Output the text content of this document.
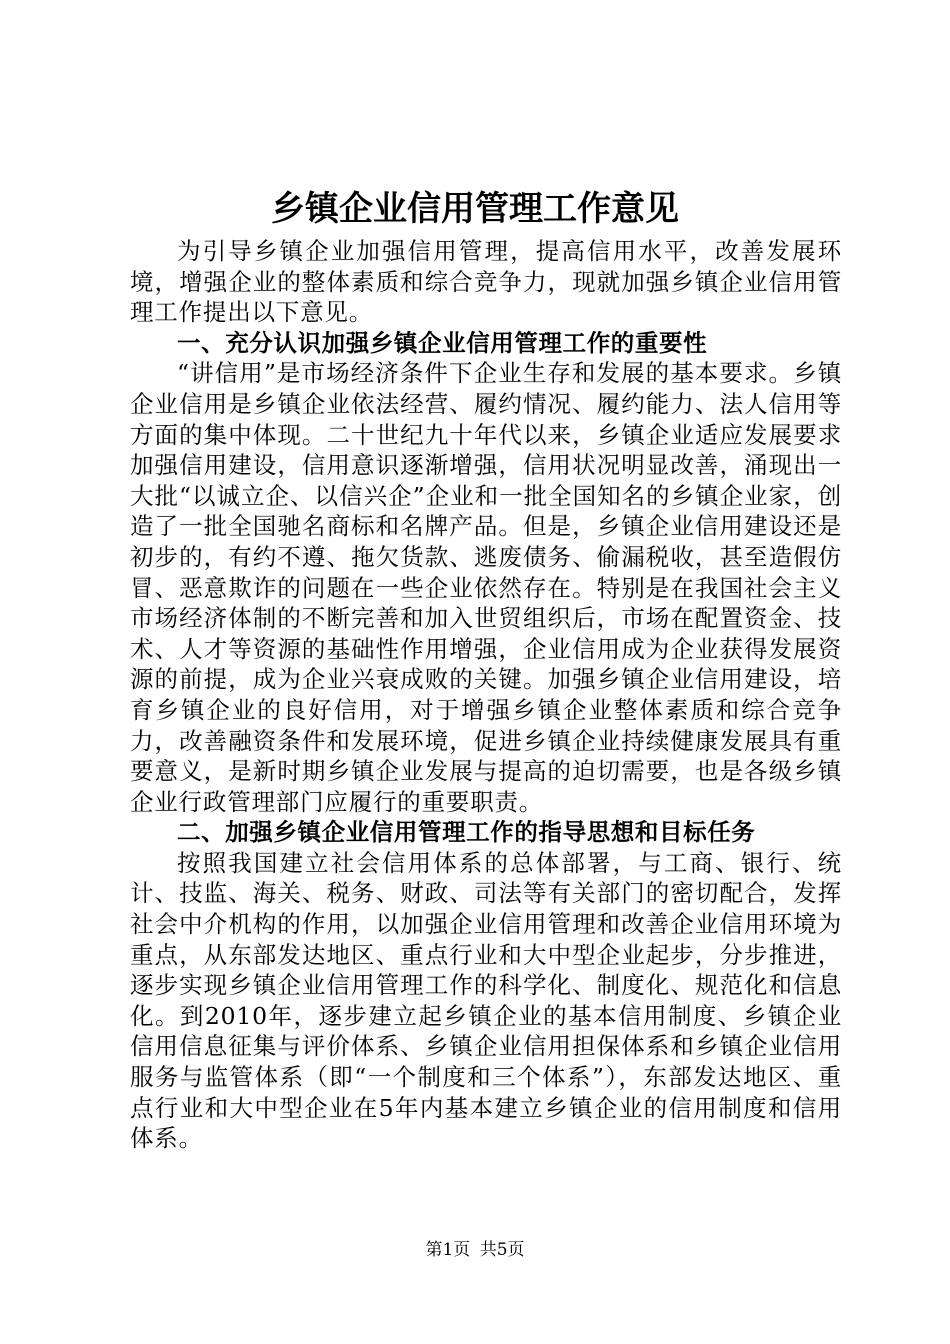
乡镇企业信用管理工作意见

为引导乡镇企业加强信用管理，提高信用水平，改善发展环境，增强企业的整体素质和综合竞争力，现就加强乡镇企业信用管理工作提出以下意见。

一、充分认识加强乡镇企业信用管理工作的重要性

“讲信用”是市场经济条件下企业生存和发展的基本要求。乡镇企业信用是乡镇企业依法经营、履约情况、履约能力、法人信用等方面的集中体现。二十世纪九十年代以来，乡镇企业适应发展要求加强信用建设，信用意识逐渐增强，信用状况明显改善，涌现出一大批“以诚立企、以信兴企”企业和一批全国知名的乡镇企业家，创造了一批全国驰名商标和名牌产品。但是，乡镇企业信用建设还是初步的，有约不遵、拖欠货款、逃废债务、偷漏税收，甚至造假仿冒、恶意欺诈的问题在一些企业依然存在。特别是在我国社会主义市场经济体制的不断完善和加入世贸组织后，市场在配置资金、技术、人才等资源的基础性作用增强，企业信用成为企业获得发展资源的前提，成为企业兴衰成败的关键。加强乡镇企业信用建设，培育乡镇企业的良好信用，对于增强乡镇企业整体素质和综合竞争力，改善融资条件和发展环境，促进乡镇企业持续健康发展具有重要意义，是新时期乡镇企业发展与提高的迫切需要，也是各级乡镇企业行政管理部门应履行的重要职责。

二、加强乡镇企业信用管理工作的指导思想和目标任务

按照我国建立社会信用体系的总体部署，与工商、银行、统计、技监、海关、税务、财政、司法等有关部门的密切配合，发挥社会中介机构的作用，以加强企业信用管理和改善企业信用环境为重点，从东部发达地区、重点行业和大中型企业起步，分步推进，逐步实现乡镇企业信用管理工作的科学化、制度化、规范化和信息化。到2010年，逐步建立起乡镇企业的基本信用制度、乡镇企业信用信息征集与评价体系、乡镇企业信用担保体系和乡镇企业信用服务与监管体系（即“一个制度和三个体系”），东部发达地区、重点行业和大中型企业在5年内基本建立乡镇企业的信用制度和信用体系。

第1页 共5页
